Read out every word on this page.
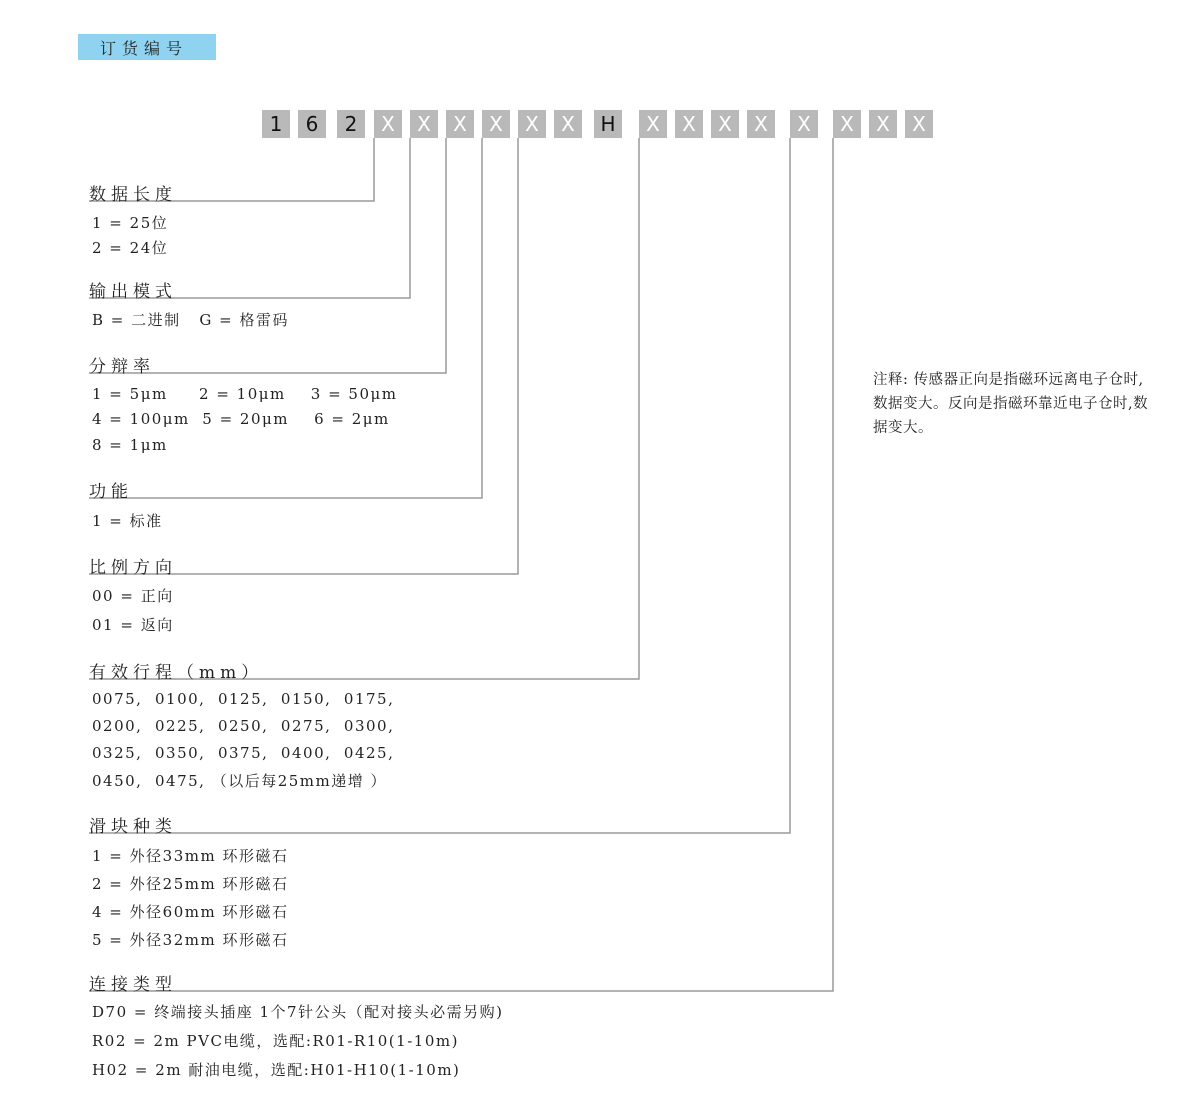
订货编号
1	6	2	X	X	X	X	X	X	H	X	X	X	X	X	X	X	X
数据长度
1 = 25位
2 = 24位
输出模式
B = 二进制   G = 格雷码
分辩率
1 = 5μm     2 = 10μm    3 = 50μm
4 = 100μm  5 = 20μm    6 = 2μm
8 = 1μm
功能
1 = 标准
比例方向
00 = 正向
01 = 返向
有效行程（mm）
0075,  0100,  0125,  0150,  0175,
0200,  0225,  0250,  0275,  0300,
0325,  0350,  0375,  0400,  0425,
0450,  0475, （以后每25mm递增 ）
滑块种类
1 = 外径33mm 环形磁石
2 = 外径25mm 环形磁石
4 = 外径60mm 环形磁石
5 = 外径32mm 环形磁石
连接类型
D70 = 终端接头插座 1个7针公头（配对接头必需另购)
R02 = 2m PVC电缆，选配:R01-R10(1-10m)
H02 = 2m 耐油电缆，选配:H01-H10(1-10m)
注释: 传感器正向是指磁环远离电子仓时,数据变大。反向是指磁环靠近电子仓时,数据变大。
